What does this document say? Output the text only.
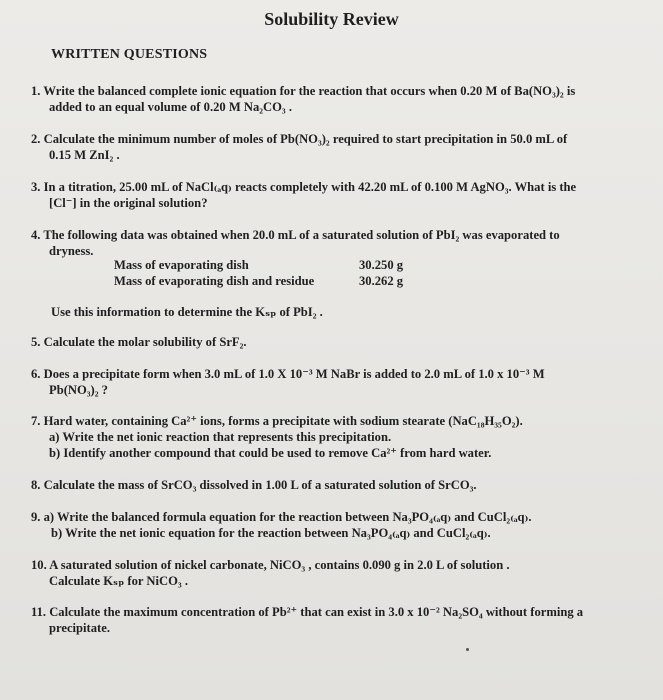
Solubility Review
WRITTEN QUESTIONS
1. Write the balanced complete ionic equation for the reaction that occurs when 0.20 M of Ba(NO₃)₂ is
added to an equal volume of 0.20 M Na₂CO₃ .
2. Calculate the minimum number of moles of Pb(NO₃)₂ required to start precipitation in 50.0 mL of
0.15 M ZnI₂ .
3. In a titration, 25.00 mL of NaCl₍ₐq₎ reacts completely with 42.20 mL of 0.100 M AgNO₃. What is the
[Cl⁻] in the original solution?
4. The following data was obtained when 20.0 mL of a saturated solution of PbI₂ was evaporated to
dryness.
Mass of evaporating dish	30.250 g
Mass of evaporating dish and residue	30.262 g
Use this information to determine the Kₛₚ of PbI₂ .
5. Calculate the molar solubility of SrF₂.
6. Does a precipitate form when 3.0 mL of 1.0 X 10⁻³ M NaBr is added to 2.0 mL of 1.0 x 10⁻³ M
Pb(NO₃)₂ ?
7. Hard water, containing Ca²⁺ ions, forms a precipitate with sodium stearate (NaC₁₈H₃₅O₂).
a) Write the net ionic reaction that represents this precipitation.
b) Identify another compound that could be used to remove Ca²⁺ from hard water.
8. Calculate the mass of SrCO₃ dissolved in 1.00 L of a saturated solution of SrCO₃.
9. a) Write the balanced formula equation for the reaction between Na₃PO₄₍ₐq₎ and CuCl₂₍ₐq₎.
b) Write the net ionic equation for the reaction between Na₃PO₄₍ₐq₎ and CuCl₂₍ₐq₎.
10. A saturated solution of nickel carbonate, NiCO₃ , contains 0.090 g in 2.0 L of solution .
Calculate Kₛₚ for NiCO₃ .
11. Calculate the maximum concentration of Pb²⁺ that can exist in 3.0 x 10⁻² Na₂SO₄ without forming a
precipitate.
